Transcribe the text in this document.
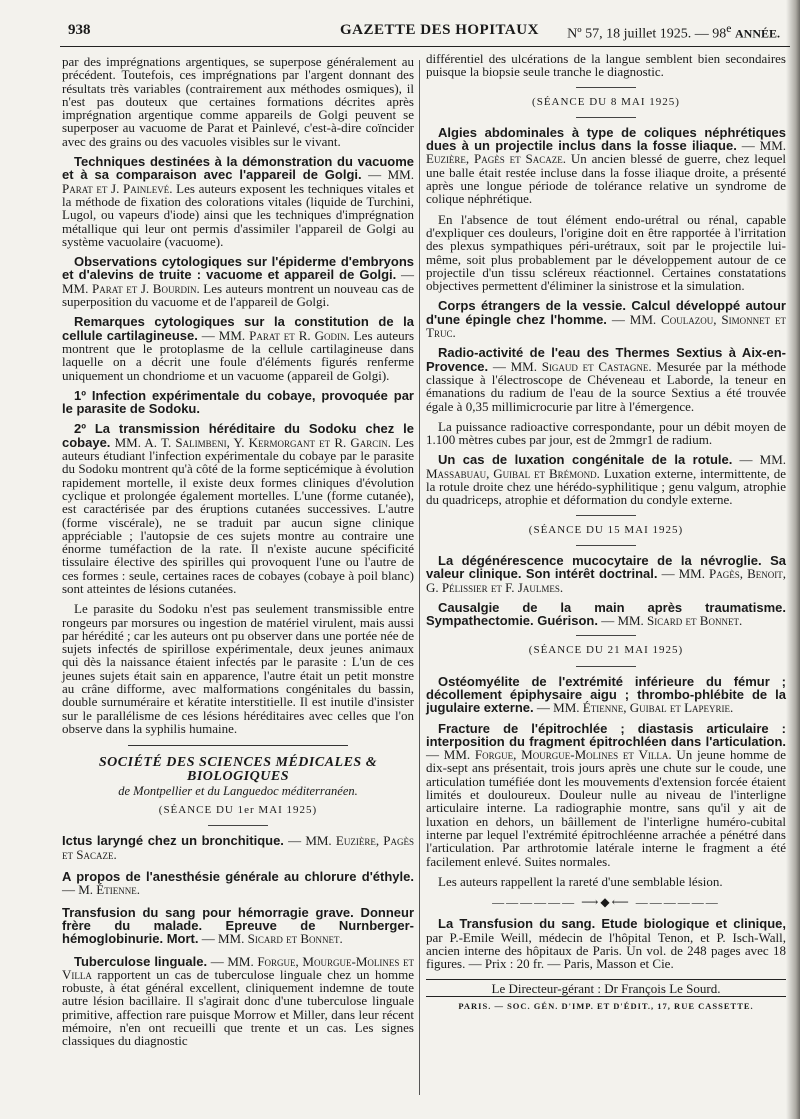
938	GAZETTE DES HOPITAUX Nº 57, 18 juillet 1925. — 98e ANNÉE.

par des imprégnations argentiques, se superpose généralement au précédent. Toutefois, ces imprégnations par l'argent donnant des résultats très variables (contrairement aux méthodes osmiques), il n'est pas douteux que certaines formations décrites après imprégnation argentique comme appareils de Golgi peuvent se superposer au vacuome de Parat et Painlevé, c'est-à-dire coïncider avec des grains ou des vacuoles visibles sur le vivant.

Techniques destinées à la démonstration du vacuome et à sa comparaison avec l'appareil de Golgi. — MM. Parat et J. Painlevé. Les auteurs exposent les techniques vitales et la méthode de fixation des colorations vitales (liquide de Turchini, Lugol, ou vapeurs d'iode) ainsi que les techniques d'imprégnation métallique qui leur ont permis d'assimiler l'appareil de Golgi au système vacuolaire (vacuome).

Observations cytologiques sur l'épiderme d'embryons et d'alevins de truite : vacuome et appareil de Golgi. — MM. Parat et J. Bourdin. Les auteurs montrent un nouveau cas de superposition du vacuome et de l'appareil de Golgi.

Remarques cytologiques sur la constitution de la cellule cartilagineuse. — MM. Parat et R. Godin. Les auteurs montrent que le protoplasme de la cellule cartilagineuse dans laquelle on a décrit une foule d'éléments figurés renferme uniquement un chondriome et un vacuome (appareil de Golgi).

1º Infection expérimentale du cobaye, provoquée par le parasite de Sodoku.

2º La transmission héréditaire du Sodoku chez le cobaye. MM. A. T. Salimbeni, Y. Kermorgant et R. Garcin. Les auteurs étudiant l'infection expérimentale du cobaye par le parasite du Sodoku montrent qu'à côté de la forme septicémique à évolution rapidement mortelle, il existe deux formes cliniques d'évolution cyclique et prolongée également mortelles. L'une (forme cutanée), est caractérisée par des éruptions cutanées successives. L'autre (forme viscérale), ne se traduit par aucun signe clinique appréciable ; l'autopsie de ces sujets montre au contraire une énorme tuméfaction de la rate. Il n'existe aucune spécificité tissulaire élective des spirilles qui provoquent l'une ou l'autre de ces formes : seule, certaines races de cobayes (cobaye à poil blanc) sont atteintes de lésions cutanées.

Le parasite du Sodoku n'est pas seulement transmissible entre rongeurs par morsures ou ingestion de matériel virulent, mais aussi par hérédité ; car les auteurs ont pu observer dans une portée née de sujets infectés de spirillose expérimentale, deux jeunes animaux qui dès la naissance étaient infectés par le parasite : L'un de ces jeunes sujets était sain en apparence, l'autre était un petit monstre au crâne difforme, avec malformations congénitales du bassin, double surnuméraire et kératite interstitielle. Il est inutile d'insister sur le parallélisme de ces lésions héréditaires avec celles que l'on observe dans la syphilis humaine.

SOCIÉTÉ DES SCIENCES MÉDICALES & BIOLOGIQUES
de Montpellier et du Languedoc méditerranéen.
(SÉANCE DU 1er MAI 1925)

Ictus laryngé chez un bronchitique. — MM. Euzière, Pagès et Sacaze.

A propos de l'anesthésie générale au chlorure d'éthyle. — M. Étienne.

Transfusion du sang pour hémorragie grave. Donneur frère du malade. Epreuve de Nurnberger-hémoglobinurie. Mort. — MM. Sicard et Bonnet.

Tuberculose linguale. — MM. Forgue, Mourgue-Molines et Villa rapportent un cas de tuberculose linguale chez un homme robuste, à état général excellent, cliniquement indemne de toute autre lésion bacillaire. Il s'agirait donc d'une tuberculose linguale primitive, affection rare puisque Morrow et Miller, dans leur récent mémoire, n'en ont recueilli que trente et un cas. Les signes classiques du diagnostic

différentiel des ulcérations de la langue semblent bien secondaires puisque la biopsie seule tranche le diagnostic.

(SÉANCE DU 8 MAI 1925)

Algies abdominales à type de coliques néphrétiques dues à un projectile inclus dans la fosse iliaque. — MM. Euzière, Pagès et Sacaze. Un ancien blessé de guerre, chez lequel une balle était restée incluse dans la fosse iliaque droite, a présenté après une longue période de tolérance relative un syndrome de colique néphrétique.

En l'absence de tout élément endo-urétral ou rénal, capable d'expliquer ces douleurs, l'origine doit en être rapportée à l'irritation des plexus sympathiques péri-urétraux, soit par le projectile lui-même, soit plus probablement par le développement autour de ce projectile d'un tissu scléreux réactionnel. Certaines constatations objectives permettent d'éliminer la sinistrose et la simulation.

Corps étrangers de la vessie. Calcul développé autour d'une épingle chez l'homme. — MM. Coulazou, Simonnet et Truc.

Radio-activité de l'eau des Thermes Sextius à Aix-en-Provence. — MM. Sigaud et Castagne. Mesurée par la méthode classique à l'électroscope de Chéveneau et Laborde, la teneur en émanations du radium de l'eau de la source Sextius a été trouvée égale à 0,35 millimicrocurie par litre à l'émergence.

La puissance radioactive correspondante, pour un débit moyen de 1.100 mètres cubes par jour, est de 2mmgr1 de radium.

Un cas de luxation congénitale de la rotule. — MM. Massabuau, Guibal et Brémond. Luxation externe, intermittente, de la rotule droite chez une hérédo-syphilitique ; genu valgum, atrophie du quadriceps, atrophie et déformation du condyle externe.

(SÉANCE DU 15 MAI 1925)

La dégénérescence mucocytaire de la névroglie. Sa valeur clinique. Son intérêt doctrinal. — MM. Pagès, Benoit, G. Pélissier et F. Jaulmes.

Causalgie de la main après traumatisme. Sympathectomie. Guérison. — MM. Sicard et Bonnet.

(SÉANCE DU 21 MAI 1925)

Ostéomyélite de l'extrémité inférieure du fémur ; décollement épiphysaire aigu ; thrombo-phlébite de la jugulaire externe. — MM. Étienne, Guibal et Lapeyrie.

Fracture de l'épitrochlée ; diastasis articulaire : interposition du fragment épitrochléen dans l'articulation. — MM. Forgue, Mourgue-Molines et Villa. Un jeune homme de dix-sept ans présentait, trois jours après une chute sur le coude, une articulation tuméfiée dont les mouvements d'extension forcée étaient limités et douloureux. Douleur nulle au niveau de l'interligne articulaire interne. La radiographie montre, sans qu'il y ait de luxation en dehors, un bâillement de l'interligne huméro-cubital interne par lequel l'extrémité épitrochléenne arrachée a pénétré dans l'articulation. Par arthrotomie latérale interne le fragment a été facilement enlevé. Suites normales.

Les auteurs rappellent la rareté d'une semblable lésion.

―――――― ⟶◆⟵ ――――――

La Transfusion du sang. Etude biologique et clinique, par P.-Emile Weill, médecin de l'hôpital Tenon, et P. Isch-Wall, ancien interne des hôpitaux de Paris. Un vol. de 248 pages avec 18 figures. — Prix : 20 fr. — Paris, Masson et Cie.

Le Directeur-gérant : Dr François Le Sourd.
PARIS. — SOC. GÉN. D'IMP. ET D'ÉDIT., 17, RUE CASSETTE.
